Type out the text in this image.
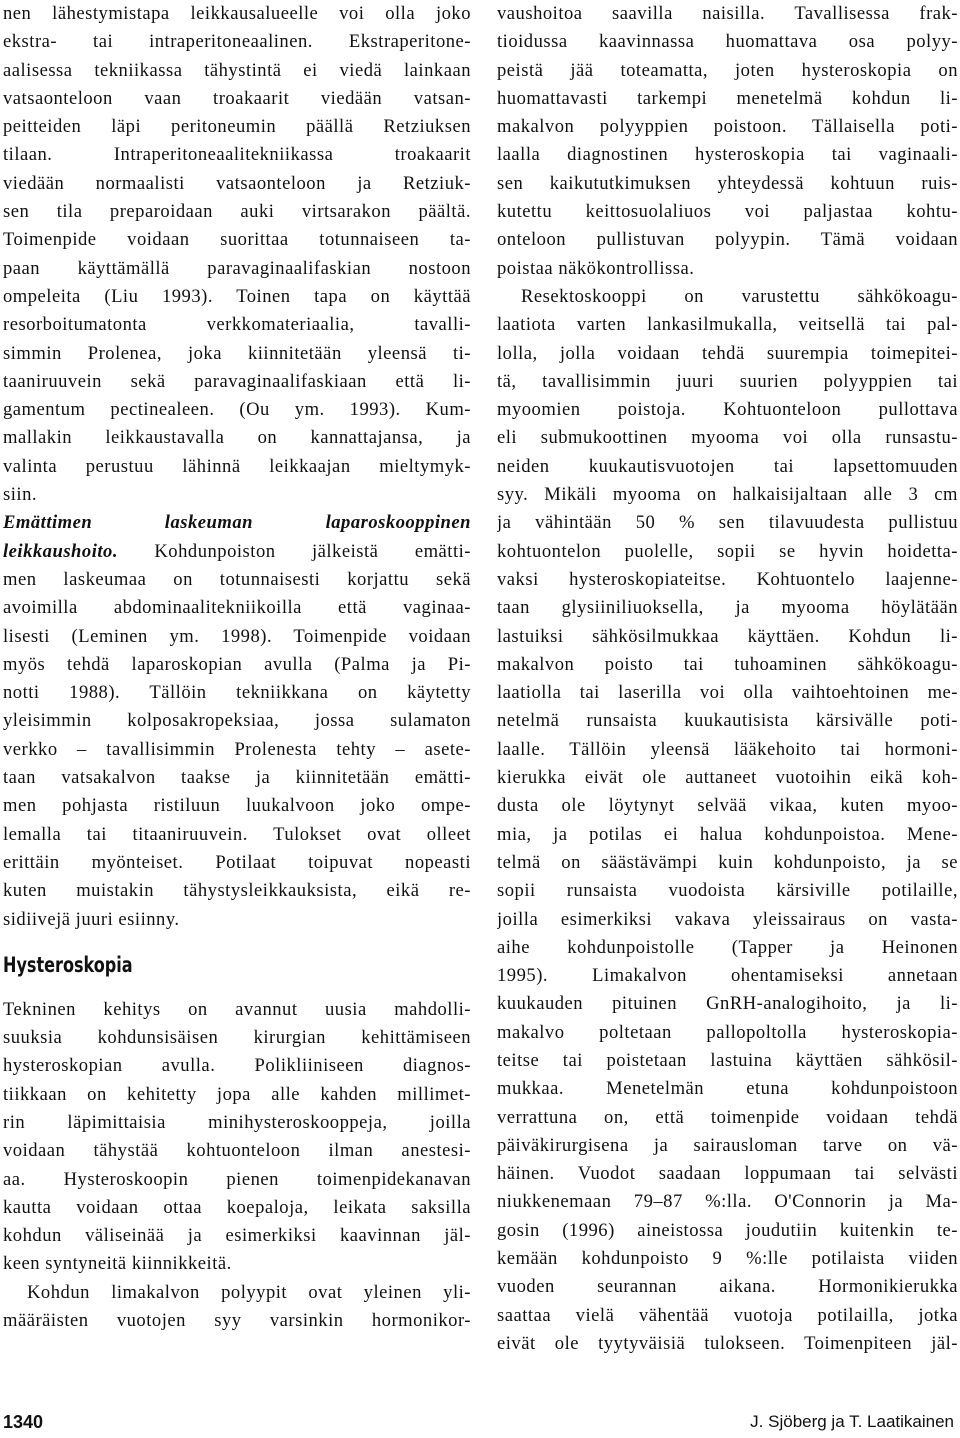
nen lähestymistapa leikkausalueelle voi olla joko
ekstra- tai intraperitoneaalinen. Ekstraperitone-
aalisessa tekniikassa tähystintä ei viedä lainkaan
vatsaonteloon vaan troakaarit viedään vatsan-
peitteiden läpi peritoneumin päällä Retziuksen
tilaan. Intraperitoneaalitekniikassa troakaarit
viedään normaalisti vatsaonteloon ja Retziuk-
sen tila preparoidaan auki virtsarakon päältä.
Toimenpide voidaan suorittaa totunnaiseen ta-
paan käyttämällä paravaginaalifaskian nostoon
ompeleita (Liu 1993). Toinen tapa on käyttää
resorboitumatonta verkkomateriaalia, tavalli-
simmin Prolenea, joka kiinnitetään yleensä ti-
taaniruuvein sekä paravaginaalifaskiaan että li-
gamentum pectinealeen. (Ou ym. 1993). Kum-
mallakin leikkaustavalla on kannattajansa, ja
valinta perustuu lähinnä leikkaajan mieltymyk-
siin.
Emättimen laskeuman laparoskooppinen
leikkaushoito. Kohdunpoiston jälkeistä emätti-
men laskeumaa on totunnaisesti korjattu sekä
avoimilla abdominaalitekniikoilla että vaginaa-
lisesti (Leminen ym. 1998). Toimenpide voidaan
myös tehdä laparoskopian avulla (Palma ja Pi-
notti 1988). Tällöin tekniikkana on käytetty
yleisimmin kolposakropeksiaa, jossa sulamaton
verkko – tavallisimmin Prolenesta tehty – asete-
taan vatsakalvon taakse ja kiinnitetään emätti-
men pohjasta ristiluun luukalvoon joko ompe-
lemalla tai titaaniruuvein. Tulokset ovat olleet
erittäin myönteiset. Potilaat toipuvat nopeasti
kuten muistakin tähystysleikkauksista, eikä re-
sidiivejä juuri esiinny.
Hysteroskopia
Tekninen kehitys on avannut uusia mahdolli-
suuksia kohdunsisäisen kirurgian kehittämiseen
hysteroskopian avulla. Polikliiniseen diagnos-
tiikkaan on kehitetty jopa alle kahden millimet-
rin läpimittaisia minihysteroskooppeja, joilla
voidaan tähystää kohtuonteloon ilman anestesi-
aa. Hysteroskoopin pienen toimenpidekanavan
kautta voidaan ottaa koepaloja, leikata saksilla
kohdun väliseinää ja esimerkiksi kaavinnan jäl-
keen syntyneitä kiinnikkeitä.
Kohdun limakalvon polyypit ovat yleinen yli-
määräisten vuotojen syy varsinkin hormonikor-
vaushoitoa saavilla naisilla. Tavallisessa frak-
tioidussa kaavinnassa huomattava osa polyy-
peistä jää toteamatta, joten hysteroskopia on
huomattavasti tarkempi menetelmä kohdun li-
makalvon polyyppien poistoon. Tällaisella poti-
laalla diagnostinen hysteroskopia tai vaginaali-
sen kaikututkimuksen yhteydessä kohtuun ruis-
kutettu keittosuolaliuos voi paljastaa kohtu-
onteloon pullistuvan polyypin. Tämä voidaan
poistaa näkökontrollissa.
Resektoskooppi on varustettu sähkökoagu-
laatiota varten lankasilmukalla, veitsellä tai pal-
lolla, jolla voidaan tehdä suurempia toimepitei-
tä, tavallisimmin juuri suurien polyyppien tai
myoomien poistoja. Kohtuonteloon pullottava
eli submukoottinen myooma voi olla runsastu-
neiden kuukautisvuotojen tai lapsettomuuden
syy. Mikäli myooma on halkaisijaltaan alle 3 cm
ja vähintään 50 % sen tilavuudesta pullistuu
kohtuontelon puolelle, sopii se hyvin hoidetta-
vaksi hysteroskopiateitse. Kohtuontelo laajenne-
taan glysiiniliuoksella, ja myooma höylätään
lastuiksi sähkösilmukkaa käyttäen. Kohdun li-
makalvon poisto tai tuhoaminen sähkökoagu-
laatiolla tai laserilla voi olla vaihtoehtoinen me-
netelmä runsaista kuukautisista kärsivälle poti-
laalle. Tällöin yleensä lääkehoito tai hormoni-
kierukka eivät ole auttaneet vuotoihin eikä koh-
dusta ole löytynyt selvää vikaa, kuten myoo-
mia, ja potilas ei halua kohdunpoistoa. Mene-
telmä on säästävämpi kuin kohdunpoisto, ja se
sopii runsaista vuodoista kärsiville potilaille,
joilla esimerkiksi vakava yleissairaus on vasta-
aihe kohdunpoistolle (Tapper ja Heinonen
1995). Limakalvon ohentamiseksi annetaan
kuukauden pituinen GnRH-analogihoito, ja li-
makalvo poltetaan pallopoltolla hysteroskopia-
teitse tai poistetaan lastuina käyttäen sähkösil-
mukkaa. Menetelmän etuna kohdunpoistoon
verrattuna on, että toimenpide voidaan tehdä
päiväkirurgisena ja sairausloman tarve on vä-
häinen. Vuodot saadaan loppumaan tai selvästi
niukkenemaan 79–87 %:lla. O'Connorin ja Ma-
gosin (1996) aineistossa joudutiin kuitenkin te-
kemään kohdunpoisto 9 %:lle potilaista viiden
vuoden seurannan aikana. Hormonikierukka
saattaa vielä vähentää vuotoja potilailla, jotka
eivät ole tyytyväisiä tulokseen. Toimenpiteen jäl-
1340	J. Sjöberg ja T. Laatikainen
